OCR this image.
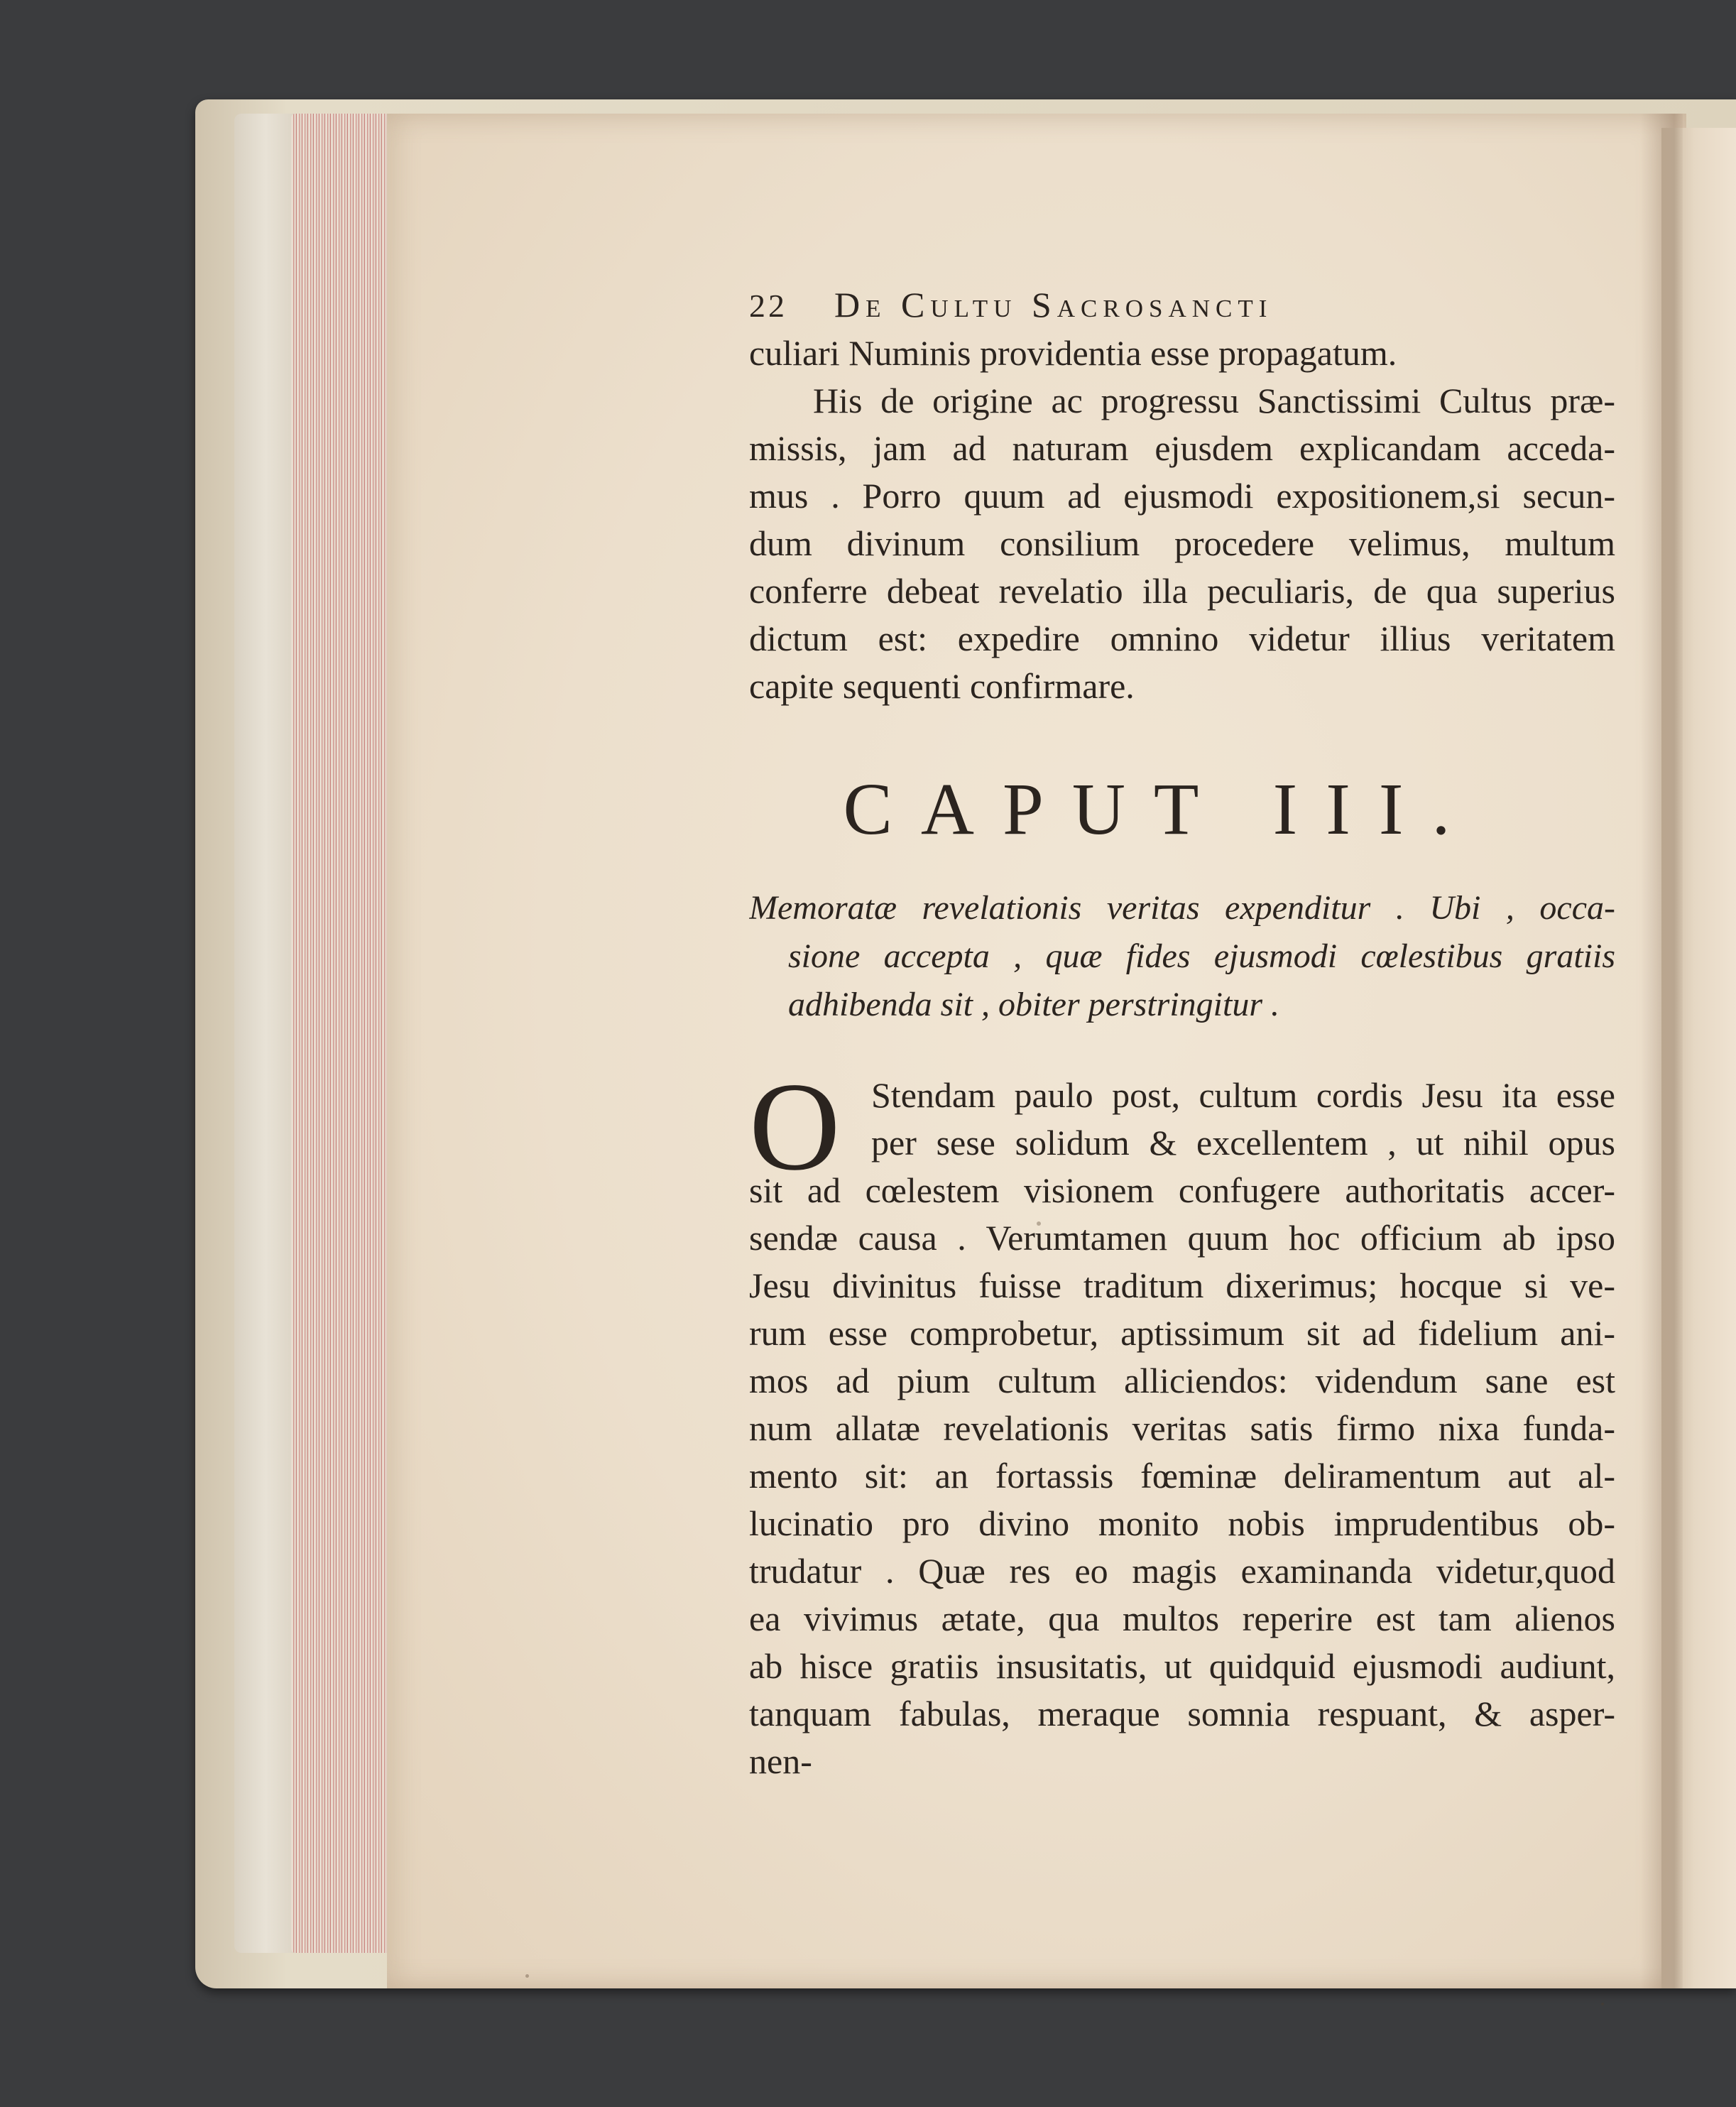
22	De Cultu Sacrosancti
culiari Numinis providentia esse propagatum.
His de origine ac progressu Sanctissimi Cultus præ-
missis, jam ad naturam ejusdem explicandam acceda-
mus . Porro quum ad ejusmodi expositionem,si secun-
dum divinum consilium procedere velimus, multum
conferre debeat revelatio illa peculiaris, de qua superius
dictum est: expedire omnino videtur illius veritatem
capite sequenti confirmare.
CAPUT III.
Memoratæ revelationis veritas expenditur . Ubi , occa-
sione accepta , quæ fides ejusmodi cœlestibus gratiis
adhibenda sit , obiter perstringitur .
O Stendam paulo post, cultum cordis Jesu ita esse
per sese solidum & excellentem , ut nihil opus
sit ad cœlestem visionem confugere authoritatis accer-
sendæ causa . Verumtamen quum hoc officium ab ipso
Jesu divinitus fuisse traditum dixerimus; hocque si ve-
rum esse comprobetur, aptissimum sit ad fidelium ani-
mos ad pium cultum alliciendos: videndum sane est
num allatæ revelationis veritas satis firmo nixa funda-
mento sit: an fortassis fœminæ deliramentum aut al-
lucinatio pro divino monito nobis imprudentibus ob-
trudatur . Quæ res eo magis examinanda videtur,quod
ea vivimus ætate, qua multos reperire est tam alienos
ab hisce gratiis insusitatis, ut quidquid ejusmodi audiunt,
tanquam fabulas, meraque somnia respuant, & asper-
nen-
